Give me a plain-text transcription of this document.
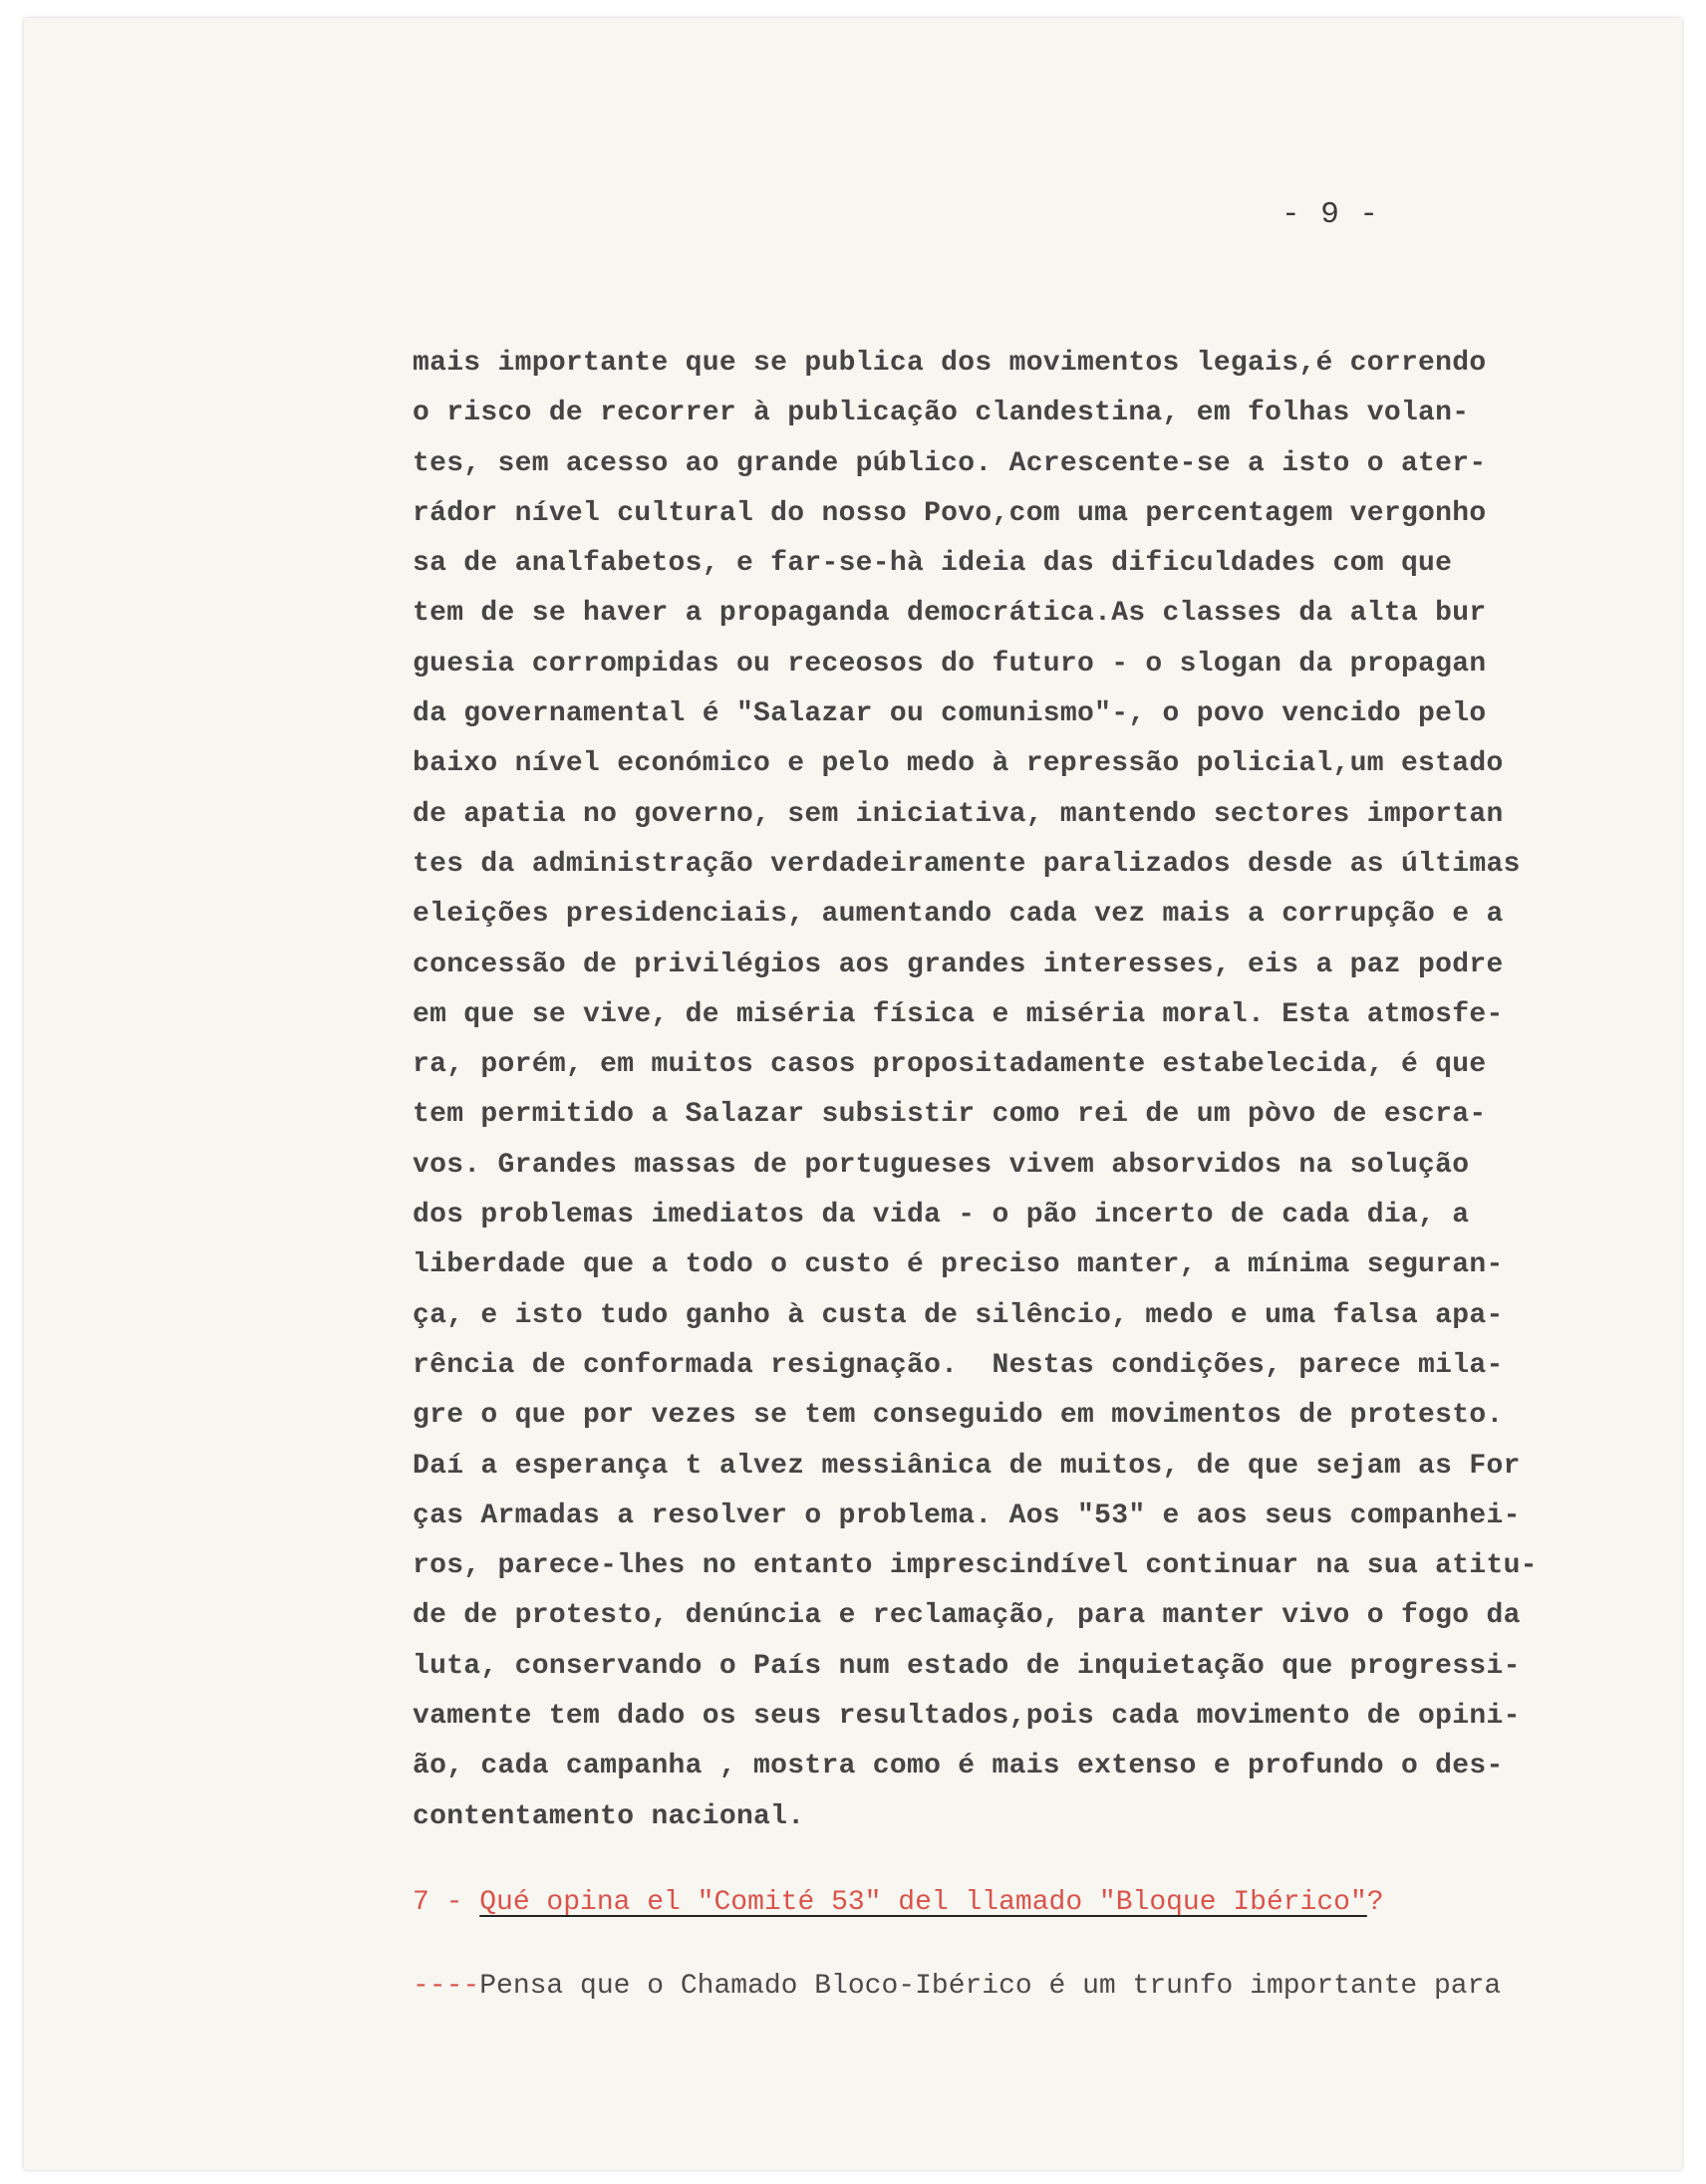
- 9 -
mais importante que se publica dos movimentos legais,é correndo
o risco de recorrer à publicação clandestina, em folhas volan-
tes, sem acesso ao grande público. Acrescente-se a isto o ater-
rádor nível cultural do nosso Povo,com uma percentagem vergonho
sa de analfabetos, e far-se-hà ideia das dificuldades com que
tem de se haver a propaganda democrática.As classes da alta bur
guesia corrompidas ou receosos do futuro - o slogan da propagan
da governamental é "Salazar ou comunismo"-, o povo vencido pelo
baixo nível económico e pelo medo à repressão policial,um estado
de apatia no governo, sem iniciativa, mantendo sectores importan
tes da administração verdadeiramente paralizados desde as últimas
eleições presidenciais, aumentando cada vez mais a corrupção e a
concessão de privilégios aos grandes interesses, eis a paz podre
em que se vive, de miséria física e miséria moral. Esta atmosfe-
ra, porém, em muitos casos propositadamente estabelecida, é que
tem permitido a Salazar subsistir como rei de um pòvo de escra-
vos. Grandes massas de portugueses vivem absorvidos na solução
dos problemas imediatos da vida - o pão incerto de cada dia, a
liberdade que a todo o custo é preciso manter, a mínima seguran-
ça, e isto tudo ganho à custa de silêncio, medo e uma falsa apa-
rência de conformada resignação.  Nestas condições, parece mila-
gre o que por vezes se tem conseguido em movimentos de protesto.
Daí a esperança t alvez messiânica de muitos, de que sejam as For
ças Armadas a resolver o problema. Aos "53" e aos seus companhei-
ros, parece-lhes no entanto imprescindível continuar na sua atitu-
de de protesto, denúncia e reclamação, para manter vivo o fogo da
luta, conservando o País num estado de inquietação que progressi-
vamente tem dado os seus resultados,pois cada movimento de opini-
ão, cada campanha , mostra como é mais extenso e profundo o des-
contentamento nacional.
7 - Qué opina el "Comité 53" del llamado "Bloque Ibérico"?
----Pensa que o Chamado Bloco-Ibérico é um trunfo importante para
